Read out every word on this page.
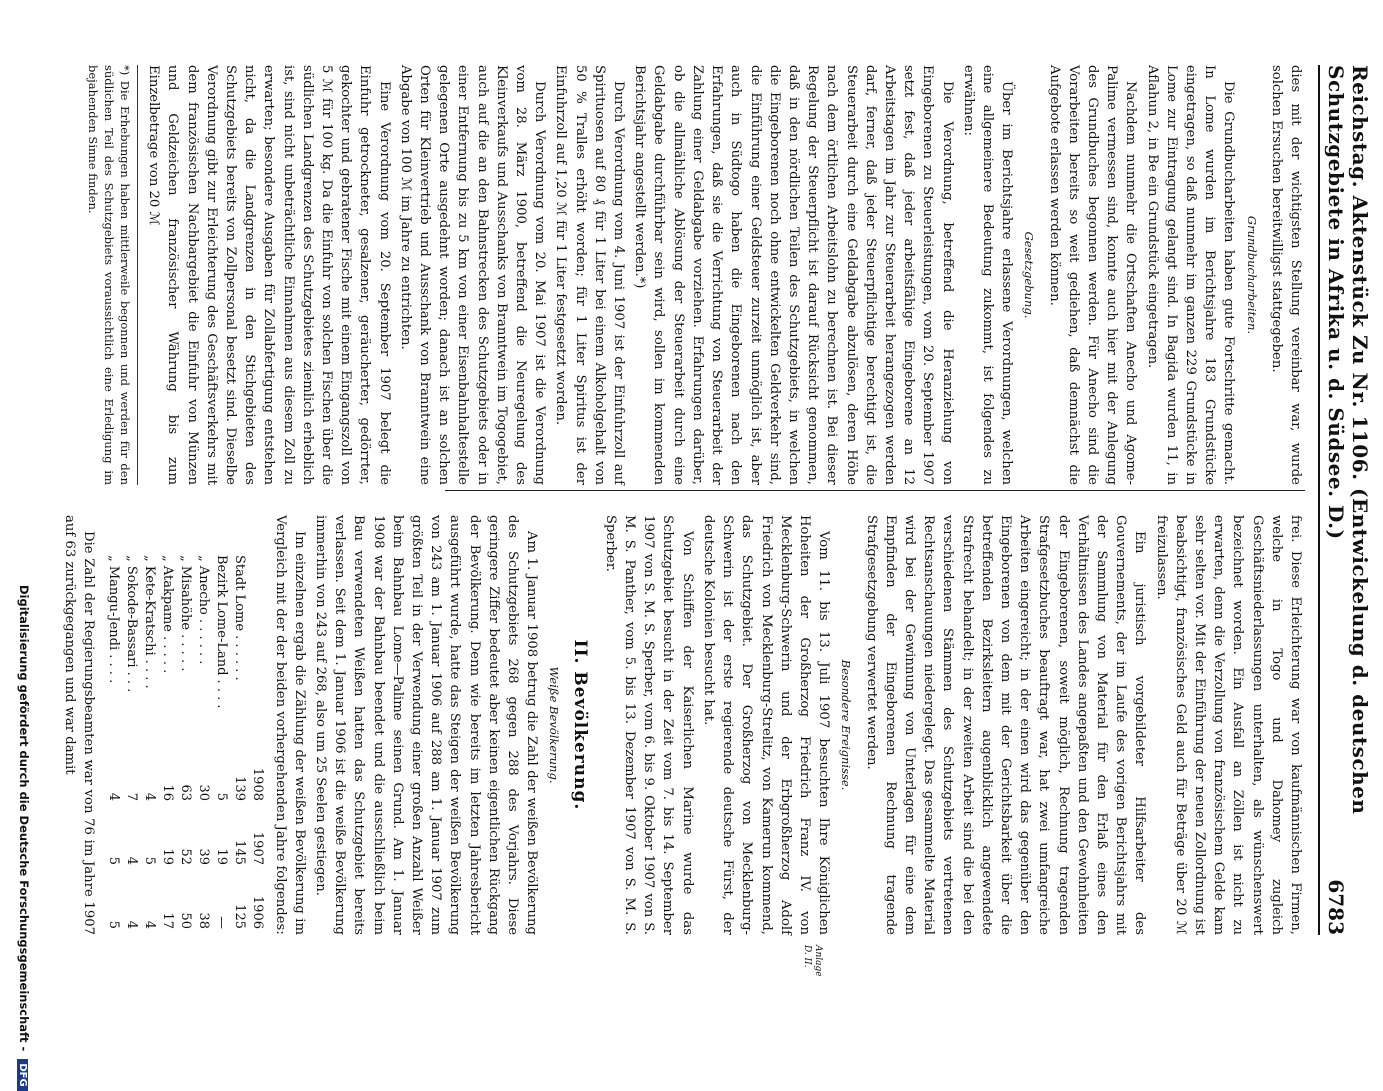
Reichstag. Aktenstück Zu Nr. 1106. (Entwickelung d. deutschen Schutzgebiete in Afrika u. d. Südsee. D.)
6783

dies mit der wichtigsten Stellung vereinbar war, wurde solchen Ersuchen bereitwilligst stattgegeben.

Grundbucharbeiten.

Die Grundbucharbeiten haben gute Fortschritte gemacht. In Lome wurden im Berichtsjahre 183 Grundstücke eingetragen, so daß nunmehr im ganzen 229 Grundstücke in Lome zur Eintragung gelangt sind. In Bagida wurden 11, in Aflahun 2, in Be ein Grundstück eingetragen.

Nachdem nunmehr die Ortschaften Anecho und Agome-Palime vermessen sind, konnte auch hier mit der Anlegung des Grundbuches begonnen werden. Für Anecho sind die Vorarbeiten bereits so weit gediehen, daß demnächst die Aufgebote erlassen werden können.

Gesetzgebung.

Über im Berichtsjahre erlassene Verordnungen, welchen eine allgemeinere Bedeutung zukommt, ist folgendes zu erwähnen:

Die Verordnung, betreffend die Heranziehung von Eingeborenen zu Steuerleistungen, vom 20. September 1907 setzt fest, daß jeder arbeitsfähige Eingeborene an 12 Arbeitstagen im Jahr zur Steuerarbeit herangezogen werden darf, ferner, daß jeder Steuerpflichtige berechtigt ist, die Steuerarbeit durch eine Geldabgabe abzulösen, deren Höhe nach dem örtlichen Arbeitslohn zu berechnen ist. Bei dieser Regelung der Steuerpflicht ist darauf Rücksicht genommen, daß in den nördlichen Teilen des Schutzgebiets, in welchen die Eingeborenen noch ohne entwickelten Geldverkehr sind, die Einführung einer Geldsteuer zurzeit unmöglich ist, aber auch in Südtogo haben die Eingeborenen nach den Erfahrungen, daß sie die Verrichtung von Steuerarbeit der Zahlung einer Geldabgabe vorziehen. Erfahrungen darüber, ob die allmähliche Ablösung der Steuerarbeit durch eine Geldabgabe durchführbar sein wird, sollen im kommenden Berichtsjahr angestellt werden.*)

Durch Verordnung vom 4. Juni 1907 ist der Einfuhrzoll auf Spirituosen auf 80 ₰ für 1 Liter bei einem Alkoholgehalt von 50 % Tralles erhöht worden; für 1 Liter Spiritus ist der Einfuhrzoll auf 1,20 ℳ für 1 Liter festgesetzt worden.

Durch Verordnung vom 20. Mai 1907 ist die Verordnung vom 28. März 1900, betreffend die Neuregelung des Kleinverkaufs und Ausschanks von Branntwein im Togogebiet, auch auf die an den Bahnstrecken des Schutzgebiets oder in einer Entfernung bis zu 5 km von einer Eisenbahnhaltestelle gelegenen Orte ausgedehnt worden; danach ist an solchen Orten für Kleinvertrieb und Ausschank von Branntwein eine Abgabe von 100 ℳ im Jahre zu entrichten.

Eine Verordnung vom 20. September 1907 belegt die Einfuhr getrockneter, gesalzener, geräucherter, gedörrter, gekochter und gebratener Fische mit einem Eingangszoll von 5 ℳ für 100 kg. Da die Einfuhr von solchen Fischen über die südlichen Landgrenzen des Schutzgebietes ziemlich erheblich ist, sind nicht unbeträchtliche Einnahmen aus diesem Zoll zu erwarten; besondere Ausgaben für Zollabfertigung entstehen nicht, da die Landgrenzen in den Stichgebieten des Schutzgebiets bereits von Zollpersonal besetzt sind. Dieselbe Verordnung gibt zur Erleichterung des Geschäftsverkehrs mit dem französischen Nachbargebiet die Einfuhr von Münzen und Geldzeichen französischer Währung bis zum Einzelbetrage von 20 ℳ

*) Die Erhebungen haben mittlerweile begonnen und werden für den südlichen Teil des Schutzgebiets voraussichtlich eine Erledigung im bejahenden Sinne finden.

frei. Diese Erleichterung war von kaufmännischen Firmen, welche in Togo und Dahomey zugleich Geschäftsniederlassungen unterhalten, als wünschenswert bezeichnet worden. Ein Ausfall an Zöllen ist nicht zu erwarten, denn die Verzollung von französischem Gelde kam sehr selten vor. Mit der Einführung der neuen Zollordnung ist beabsichtigt, französisches Geld auch für Beträge über 20 ℳ freizulassen.

Ein juristisch vorgebildeter Hilfsarbeiter des Gouvernements, der im Laufe des vorigen Berichtsjahrs mit der Sammlung von Material für den Erlaß eines den Verhältnissen des Landes angepaßten und den Gewohnheiten der Eingeborenen, soweit möglich, Rechnung tragenden Strafgesetzbuches beauftragt war, hat zwei umfangreiche Arbeiten eingereicht; in der einen wird das gegenüber den Eingeborenen von dem mit der Gerichtsbarkeit über die betreffenden Bezirksleitern augenblicklich angewendete Strafrecht behandelt; in der zweiten Arbeit sind die bei den verschiedenen Stämmen des Schutzgebiets vertretenen Rechtsanschauungen niedergelegt. Das gesammelte Material wird bei der Gewinnung von Unterlagen für eine dem Empfinden der Eingeborenen Rechnung tragende Strafgesetzgebung verwertet werden.

Besondere Ereignisse.

Vom 11. bis 13. Juli 1907 besuchten Ihre Königlichen Hoheiten der Großherzog Friedrich Franz IV. von Mecklenburg-Schwerin und der Erbgroßherzog Adolf Friedrich von Mecklenburg-Strelitz, von Kamerun kommend, das Schutzgebiet. Der Großherzog von Mecklenburg-Schwerin ist der erste regierende deutsche Fürst, der deutsche Kolonien besucht hat.

Von Schiffen der Kaiserlichen Marine wurde das Schutzgebiet besucht in der Zeit vom 7. bis 14. September 1907 von S. M. S. Sperber, vom 6. bis 9. Oktober 1907 von S. M. S. Panther, vom 5. bis 13. Dezember 1907 von S. M. S. Sperber.

II. Bevölkerung.

Weiße Bevölkerung.

Am 1. Januar 1908 betrug die Zahl der weißen Bevölkerung des Schutzgebiets 268 gegen 288 des Vorjahrs. Diese geringere Ziffer bedeutet aber keinen eigentlichen Rückgang der Bevölkerung. Denn wie bereits im letzten Jahresbericht ausgeführt wurde, hatte das Steigen der weißen Bevölkerung von 243 am 1. Januar 1906 auf 288 am 1. Januar 1907 zum größten Teil in der Verwendung einer großen Anzahl Weißer beim Bahnbau Lome—Palime seinen Grund. Am 1. Januar 1908 war der Bahnbau beendet und die ausschließlich beim Bau verwendeten Weißen hatten das Schutzgebiet bereits verlassen. Seit dem 1. Januar 1906 ist die weiße Bevölkerung immerhin von 243 auf 268, also um 25 Seelen gestiegen.

Im einzelnen ergab die Zählung der weißen Bevölkerung im Vergleich mit der der beiden vorhergehenden Jahre folgendes:

	1908	1907	1906
Stadt Lome . . . . . .	139	145	125
Bezirk Lome-Land . . . .	5	19	—
„ Anecho . . . . . .	30	39	38
„ Misahöhe . . . . .	63	52	50
„ Atakpame . . . . .	16	19	17
„ Kete-Kratschi . . . .	4	5	4
„ Sokode-Bassari . . .	7	4	4
„ Mangu-Jendi . . . .	4	5	5

Die Zahl der Regierungsbeamten war von 76 im Jahre 1907 auf 63 zurückgegangen und war damit

Anlage D. II.
Digitalisierung gefördert durch die Deutsche Forschungsgemeinschaft - DFG
